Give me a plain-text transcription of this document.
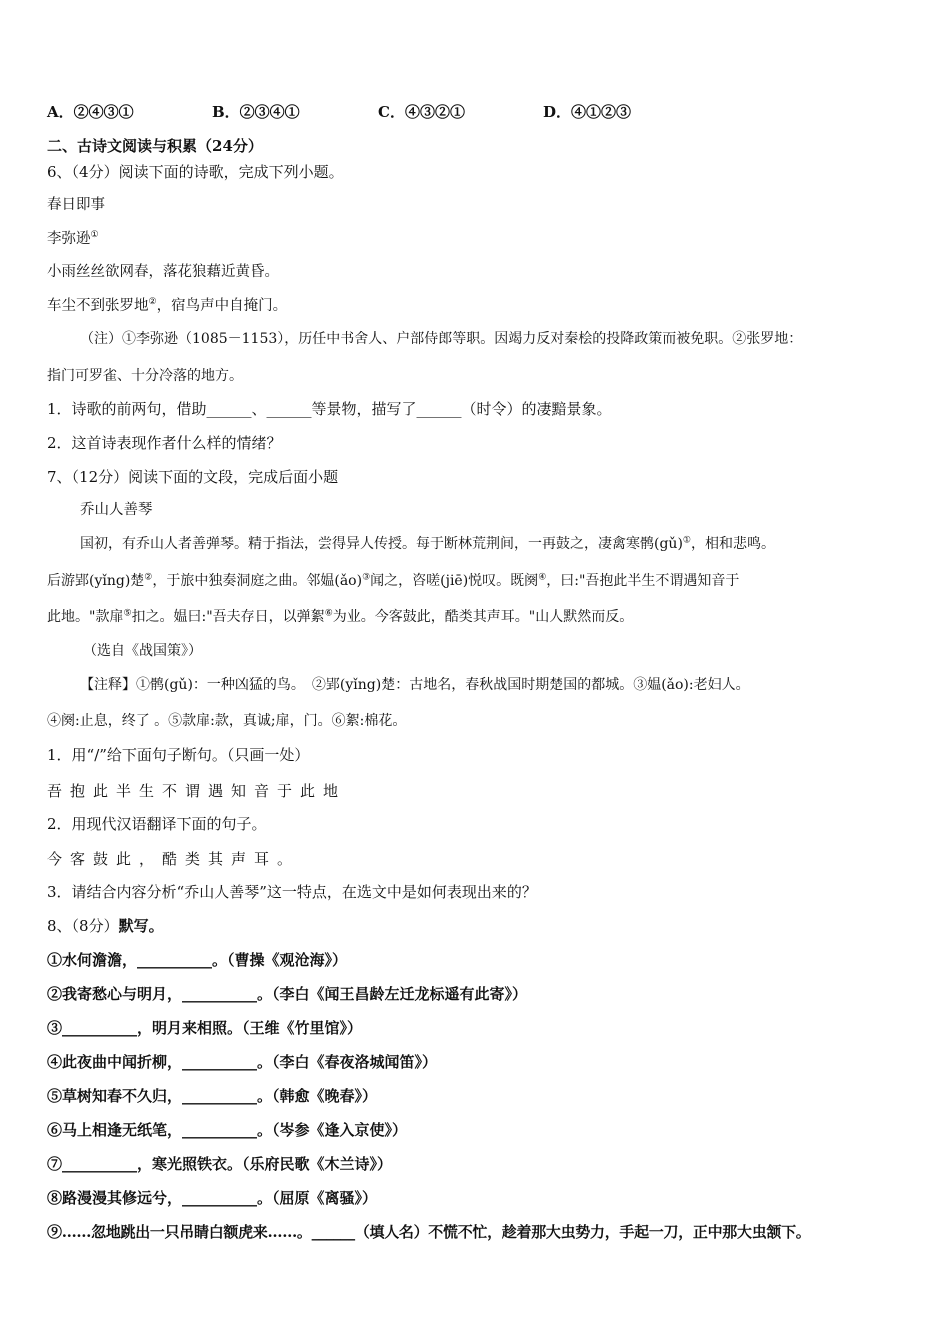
A．②④③①	B．②③④①	C．④③②①	D．④①②③
二、古诗文阅读与积累（24分）
6、（4分）阅读下面的诗歌，完成下列小题。
春日即事
李弥逊①
小雨丝丝欲网春，落花狼藉近黄昏。
车尘不到张罗地②，宿鸟声中自掩门。
（注）①李弥逊（1085－1153），历任中书舍人、户部侍郎等职。因竭力反对秦桧的投降政策而被免职。②张罗地：
指门可罗雀、十分冷落的地方。
1．诗歌的前两句，借助______、______等景物，描写了______（时令）的凄黯景象。
2．这首诗表现作者什么样的情绪？
7、（12分）阅读下面的文段，完成后面小题
乔山人善琴
国初，有乔山人者善弹琴。精于指法，尝得异人传授。每于断林荒荆间，一再鼓之，凄禽寒鹘(gǔ)①，相和悲鸣。
后游郢(yǐng)楚②，于旅中独奏洞庭之曲。邻媪(ǎo)③闻之，咨嗟(jiē)悦叹。既阕④，曰:"吾抱此半生不谓遇知音于
此地。"款扉⑤扣之。媪曰:"吾夫存日，以弹絮⑥为业。今客鼓此，酷类其声耳。"山人默然而反。
（选自《战国策》）
【注释】①鹘(gǔ)：一种凶猛的鸟。　②郢(yǐng)楚：古地名，春秋战国时期楚国的都城。③媪(ǎo):老妇人。
④阕:止息，终了 。⑤款扉:款，真诚;扉，门。⑥絮:棉花。
1．用“/”给下面句子断句。（只画一处）
吾抱此半生不谓遇知音于此地
2．用现代汉语翻译下面的句子。
今客鼓此，酷类其声耳。
3．请结合内容分析“乔山人善琴”这一特点，在选文中是如何表现出来的？
8、（8分）默写。
①水何澹澹，__________。（曹操《观沧海》）
②我寄愁心与明月，__________。（李白《闻王昌龄左迁龙标遥有此寄》）
③__________，明月来相照。（王维《竹里馆》）
④此夜曲中闻折柳，__________。（李白《春夜洛城闻笛》）
⑤草树知春不久归，__________。（韩愈《晚春》）
⑥马上相逢无纸笔，__________。（岑参《逢入京使》）
⑦__________，寒光照铁衣。（乐府民歌《木兰诗》）
⑧路漫漫其修远兮，__________。（屈原《离骚》）
⑨……忽地跳出一只吊睛白额虎来……。______（填人名）不慌不忙，趁着那大虫势力，手起一刀，正中那大虫颔下。
